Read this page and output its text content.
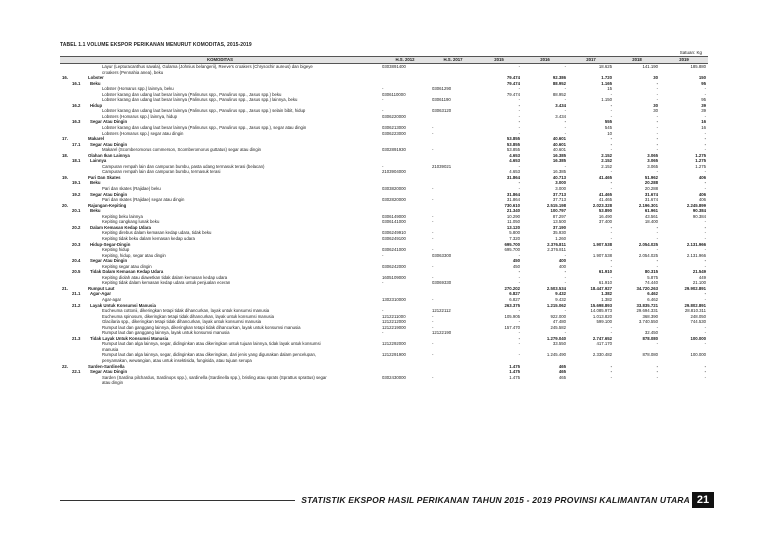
TABEL 1.1 VOLUME EKSPOR PERIKANAN MENURUT KOMODITAS, 2015-2019
Satuan: Kg
KOMODITAS			H.S. 2012	H.S. 2017	2015	2016	2017	2018	2019
		Layur (Lepturacanthus savala), Gulama (Johnius belangerii), Reeve's croakers (Chrysochir aureus) dan bigeye	0303891400		-	-	18.625	141.190	185.880
		croakers (Pennahia anea), beku							
16.		Lobster			79.474	92.386	1.720	30	150
	16.1	Beku			79.474	88.952	1.165	-	95
		Lobster (Homarus spp.) lainnya, beku	-	03061290	-	-	15	-	-
		Lobster karang dan udang laut besar lainnya (Palinurus spp., Panulirus spp., Jasus spp.) beku	0306110000		79.474	88.952	-	-	-
		Lobster karang dan udang laut besar lainnya (Palinurus spp., Panulirus spp., Jasus spp.) lainnya, beku	-	03061190	-	-	1.150	-	95
	16.2	Hidup			-	3.434	-	30	39
		Lobster karang dan udang laut besar lainnya (Palinurus spp., Panulirus spp., Jasus spp.) selain bibit, hidup	-	03063120	-	-	-	30	39
		Lobsters (Homarus spp.) lainnya, hidup	0306220000		-	3.434	-	-	-
	16.3	Segar Atau Dingin			-	-	555	-	16
		Lobster karang dan udang laut besar lainnya (Palinurus spp., Panulirus spp., Jasus spp.), segar atau dingin	0306213000	-	-	-	545	-	16
		Lobsters (Homarus spp.) segar atau dingin	0306223000	-	-	-	10	-	-
17.		Makarel			53.855	40.601	-	-	-
	17.1	Segar Atau Dingin			53.855	40.601	-	-	-
		Makarel (Scomberomorus commerson, Scomberomorus guttatus) segar atau dingin	0302891930	-	53.855	40.601	-	-	-
18.		Olahan Ikan Lainnya			4.653	16.385	2.152	3.065	1.275
	18.1	Lainnya			4.653	16.385	2.152	3.065	1.275
		Campuran rempah lain dan campuran bumbu, pasta udang termasuk terasi (belacan)	-	21039021	-	-	2.152	3.065	1.275
		Campuran rempah lain dan campuran bumbu, termasuk terasi	2103904000		4.653	16.385	-	-	-
19.		Pari Dan Skates			31.864	40.713	41.465	51.962	406
	19.1	Beku			-	3.000	-	20.288	-
		Pari dan skates (Rajidae) beku	0303820000	-	-	3.000	-	20.288	-
	19.2	Segar Atau Dingin			31.864	37.713	41.465	31.674	406
		Pari dan skates (Rajidae) segar atau dingin	0302820000	-	31.864	37.713	41.465	31.674	406
20.		Rajungan-Kepiting			730.610	2.515.198	2.023.328	2.196.301	2.245.899
	20.1	Beku			21.340	100.797	53.890	61.961	90.384
		Kepiting beku lainnya	0306149000	-	10.290	87.297	16.490	43.561	90.384
		Kepiting cangkang lunak beku	0306141000	-	11.050	13.500	37.400	18.400	-
	20.2	Dalam Kemasan Kedap Udara			13.120	37.190	-	-	-
		Kepiting direbus dalam kemasan kedap udara, tidak beku	0306249910	-	5.800	35.930	-	-	-
		Kepiting tidak beku dalam kemasan kedap udara	0306249100	-	7.320	1.260	-	-	-
	20.3	Hidup-Segar-Dingin			695.700	2.376.811	1.907.538	2.054.025	2.131.966
		Kepiting hidup	0306241000	-	695.700	2.376.811	-	-	-
		Kepiting, hidup, segar atau dingin	-	03063300	-	-	1.907.538	2.054.025	2.131.966
	20.4	Segar Atau Dingin			450	400	-	-	-
		Kepiting segar atau dingin	0306242000	-	450	400	-	-	-
	20.5	Tidak Dalam Kemasan Kedap Udara			-	-	61.910	80.315	21.549
		Kepiting diolah atau diawetkan tidak dalam kemasan kedap udara	1605109000	-	-	-	-	5.875	449
		Kepiting tidak dalam kemasan kedap udara untuk penjualan eceran	-	03069330	-	-	61.910	74.440	21.100
21.		Rumput Laut			270.202	2.503.534	18.447.927	34.720.263	29.902.891
	21.1	Agar-Agar			6.827	9.432	1.382	6.462	-
		Agar-agar	1302310000	-	6.827	9.432	1.382	6.462	-
	21.2	Layak Untuk Konsumsi Manusia			263.375	1.215.062	15.698.893	33.835.721	29.802.891
		Eucheuma cottonii, dikeringkan tetapi tidak dihancurkan, layak untuk konsumsi manusia	-	12122112	-	-	14.085.973	29.694.331	28.810.311
		Eucheuma spinosum, dikeringkan tetapi tidak dihancurkan, layak untuk konsumsi manusia	1212211000	-	105.905	922.000	1.013.820	368.390	248.050
		Glacilaria spp., dikeringkan tetapi tidak dihancurkan, layak untuk konsumsi manusia	1212212000	-	-	47.480	599.100	3.740.550	744.530
		Rumput laut dan ganggang lainnya, dikeringkan tetapi tidak dihancurkan, layak untuk konsumsi manusia	1212219000	-	157.470	245.582	-	-	-
		Rumput laut dan ganggang lainnya, layak untuk konsumsi manusia	-	12122190	-	-	-	32.450	-
	21.3	Tidak Layak Untuk Konsumsi Manusia			-	1.279.040	2.747.652	878.080	100.000
		Rumput laut dan alga lainnya, segar, didinginkan atau dikeringkan untuk tujuan lainnya, tidak layak untuk konsumsi	1212292000	-	-	33.550	417.170	-	-
		manusia							
		Rumput laut dan alga lainnya, segar, didinginkan atau dikeringkan, dari jenis yang digunakan dalam pencelupan,	1212291900	-	-	1.245.490	2.330.482	878.080	100.000
		penyamakan, wewangian, atau untuk insektisida, fungisida, atau tujuan serupa							
22.		Sarden-Sardinella			1.475	465	-	-	-
	22.1	Segar Atau Dingin			1.475	465	-	-	-
		Sarden (Sardina pilchardus, Sardinops spp.), sardinella (Sardinella spp.), brisling atau sprats (Sprattus sprattus) segar	0302430000	-	1.475	465	-	-	-
		atau dingin							
STATISTIK EKSPOR HASIL PERIKANAN TAHUN 2015 - 2019 PROVINSI KALIMANTAN UTARA 21
